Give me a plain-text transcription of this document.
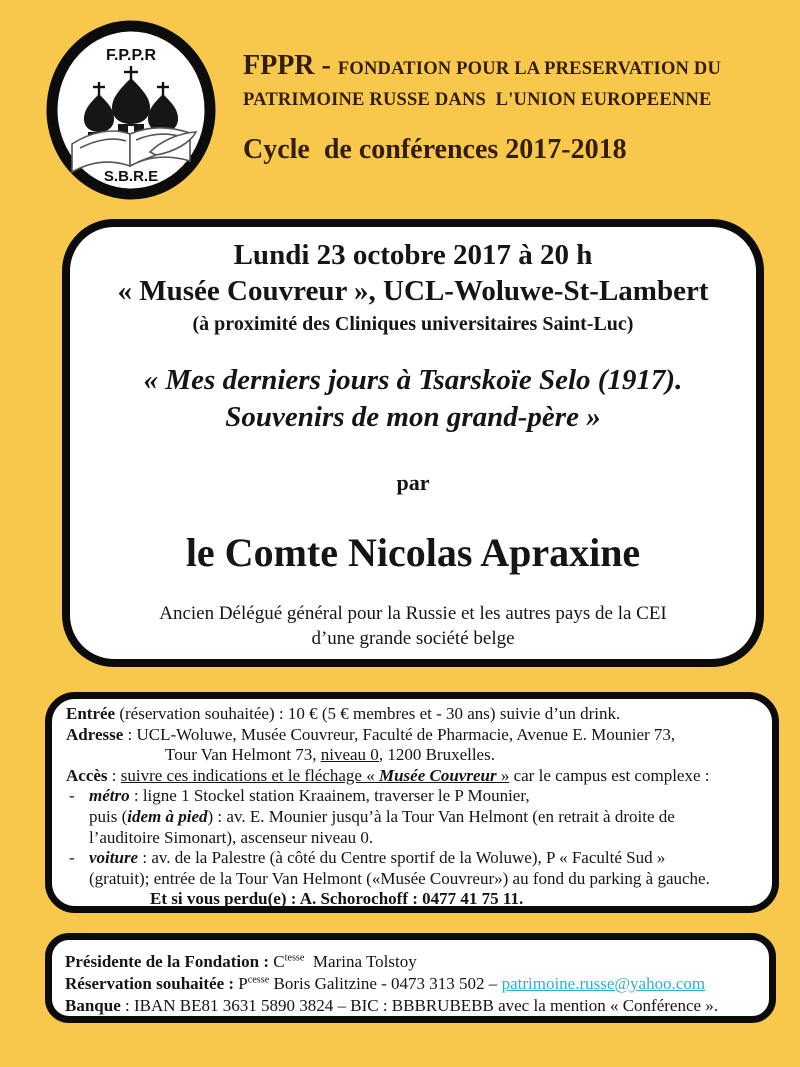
F.P.P.R
S.B.R.E

FPPR - FONDATION POUR LA PRESERVATION DU

PATRIMOINE RUSSE DANS  L'UNION EUROPEENNE

Cycle  de conférences 2017-2018

Lundi 23 octobre 2017 à 20 h

« Musée Couvreur », UCL-Woluwe-St-Lambert

(à proximité des Cliniques universitaires Saint-Luc)

« Mes derniers jours à Tsarskoïe Selo (1917).

Souvenirs de mon grand-père »

par

le Comte Nicolas Apraxine

Ancien Délégué général pour la Russie et les autres pays de la CEI

d’une grande société belge

Entrée (réservation souhaitée) : 10 € (5 € membres et - 30 ans) suivie d’un drink.

Adresse : UCL-Woluwe, Musée Couvreur, Faculté de Pharmacie, Avenue E. Mounier 73,

Tour Van Helmont 73, niveau 0, 1200 Bruxelles.

Accès : suivre ces indications et le fléchage « Musée Couvreur » car le campus est complexe :

- métro : ligne 1 Stockel station Kraainem, traverser le P Mounier,

puis (idem à pied) : av. E. Mounier jusqu’à la Tour Van Helmont (en retrait à droite de

l’auditoire Simonart), ascenseur niveau 0.

- voiture : av. de la Palestre (à côté du Centre sportif de la Woluwe), P « Faculté Sud »

(gratuit); entrée de la Tour Van Helmont («Musée Couvreur») au fond du parking à gauche.

Et si vous perdu(e) : A. Schorochoff : 0477 41 75 11.

Présidente de la Fondation : $C^{tesse}$  Marina Tolstoy

Réservation souhaitée : $P^{cesse}$ Boris Galitzine - 0473 313 502 – patrimoine.russe@yahoo.com

Banque : IBAN BE81 3631 5890 3824 – BIC : BBBRUBEBB avec la mention « Conférence ».
